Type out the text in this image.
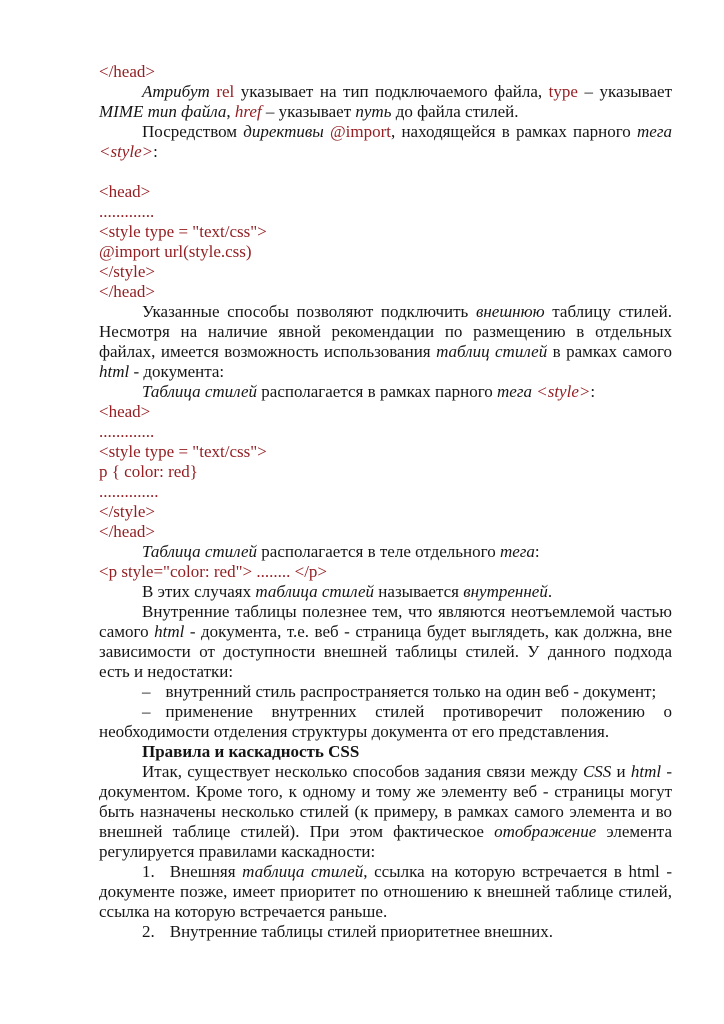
</head>

Атрибут rel указывает на тип подключаемого файла, type – указывает MIME тип файла, href – указывает путь до файла стилей.

Посредством директивы @import, находящейся в рамках парного тега <style>:

<head>

.............

<style type = "text/css">

@import url(style.css)

</style>

</head>

Указанные способы позволяют подключить внешнюю таблицу стилей. Несмотря на наличие явной рекомендации по размещению в отдельных файлах, имеется возможность использования таблиц стилей в рамках самого html - документа:

Таблица стилей располагается в рамках парного тега <style>:

<head>

.............

<style type = "text/css">

p { color: red}

..............

</style>

</head>

Таблица стилей располагается в теле отдельного тега:

<p style="color: red"> ........ </p>

В этих случаях таблица стилей называется внутренней.

Внутренние таблицы полезнее тем, что являются неотъемлемой частью самого html - документа, т.е. веб - страница будет выглядеть, как должна, вне зависимости от доступности внешней таблицы стилей. У данного подхода есть и недостатки:

– внутренний стиль распространяется только на один веб - документ;

– применение внутренних стилей противоречит положению о необходимости отделения структуры документа от его представления.

Правила и каскадность CSS

Итак, существует несколько способов задания связи между CSS и html - документом. Кроме того, к одному и тому же элементу веб - страницы могут быть назначены несколько стилей (к примеру, в рамках самого элемента и во внешней таблице стилей). При этом фактическое отображение элемента регулируется правилами каскадности:

1. Внешняя таблица стилей, ссылка на которую встречается в html - документе позже, имеет приоритет по отношению к внешней таблице стилей, ссылка на которую встречается раньше.

2. Внутренние таблицы стилей приоритетнее внешних.
